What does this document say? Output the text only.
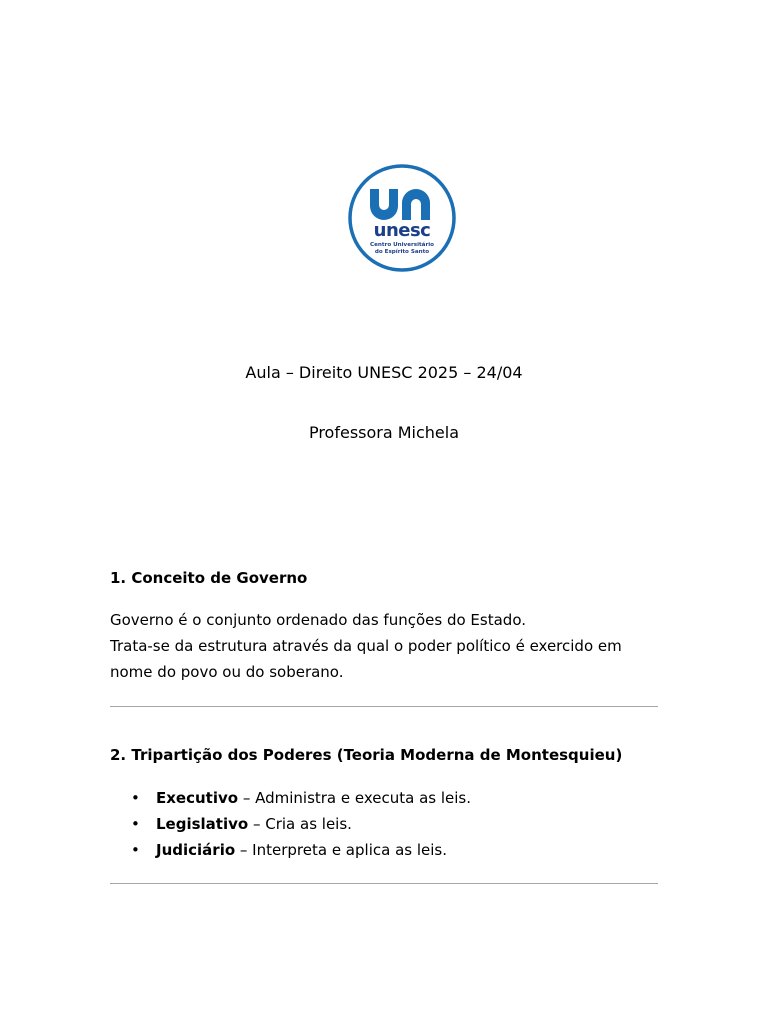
unesc
Centro Universitário
do Espírito Santo
Aula – Direito UNESC 2025 – 24/04
Professora Michela
1. Conceito de Governo

Governo é o conjunto ordenado das funções do Estado.

Trata-se da estrutura através da qual o poder político é exercido em

nome do povo ou do soberano.

2. Tripartição dos Poderes (Teoria Moderna de Montesquieu)
• Executivo – Administra e executa as leis.
• Legislativo – Cria as leis.
• Judiciário – Interpreta e aplica as leis.
